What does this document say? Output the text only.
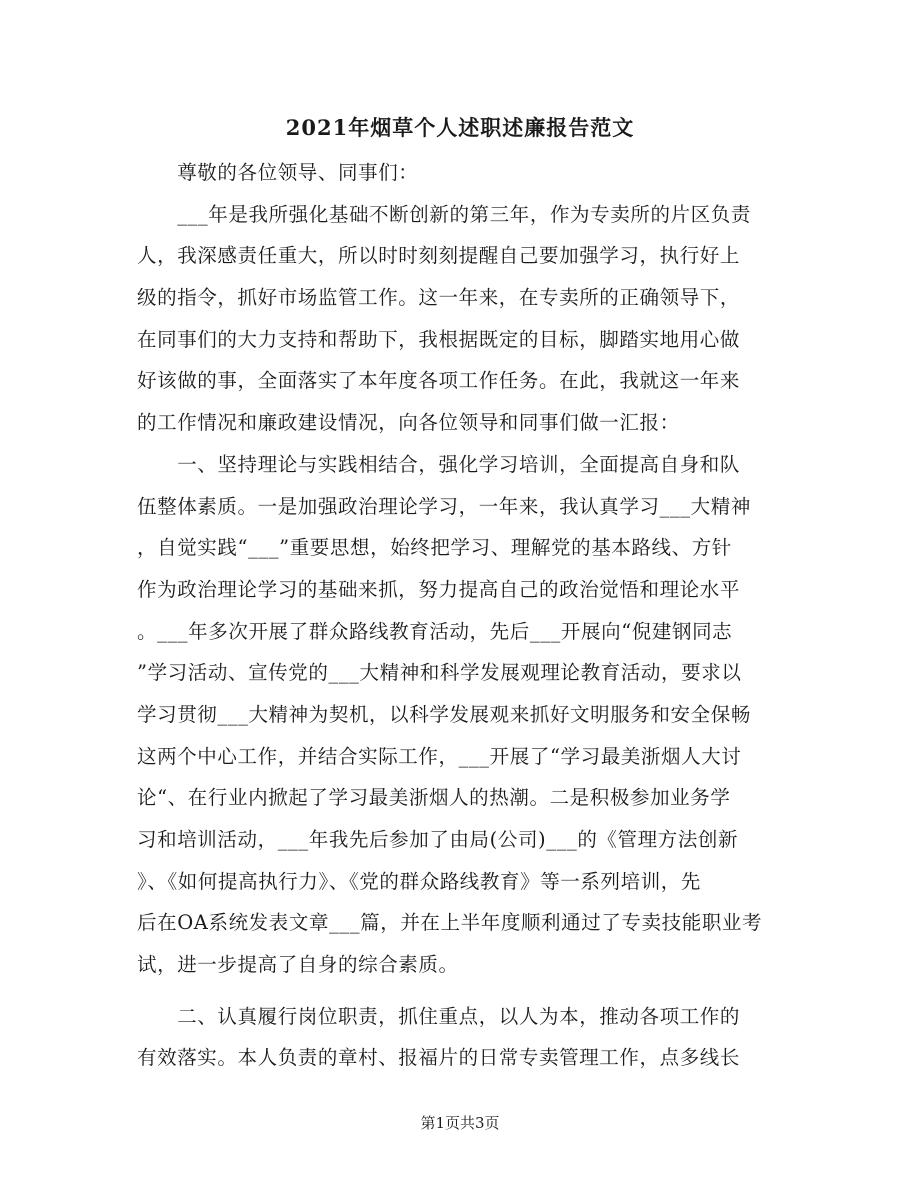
2021年烟草个人述职述廉报告范文
　　尊敬的各位领导、同事们：
　　___年是我所强化基础不断创新的第三年，作为专卖所的片区负责
人，我深感责任重大，所以时时刻刻提醒自己要加强学习，执行好上
级的指令，抓好市场监管工作。这一年来，在专卖所的正确领导下，
在同事们的大力支持和帮助下，我根据既定的目标，脚踏实地用心做
好该做的事，全面落实了本年度各项工作任务。在此，我就这一年来
的工作情况和廉政建设情况，向各位领导和同事们做一汇报：
　　一、坚持理论与实践相结合，强化学习培训，全面提高自身和队
伍整体素质。一是加强政治理论学习，一年来，我认真学习___大精神
，自觉实践“___”重要思想，始终把学习、理解党的基本路线、方针
作为政治理论学习的基础来抓，努力提高自己的政治觉悟和理论水平
。___年多次开展了群众路线教育活动，先后___开展向“倪建钢同志
”学习活动、宣传党的___大精神和科学发展观理论教育活动，要求以
学习贯彻___大精神为契机，以科学发展观来抓好文明服务和安全保畅
这两个中心工作，并结合实际工作，___开展了“学习最美浙烟人大讨
论“、在行业内掀起了学习最美浙烟人的热潮。二是积极参加业务学
习和培训活动，___年我先后参加了由局(公司)___的《管理方法创新
》、《如何提高执行力》、《党的群众路线教育》等一系列培训，先
后在OA系统发表文章___篇，并在上半年度顺利通过了专卖技能职业考
试，进一步提高了自身的综合素质。
　　二、认真履行岗位职责，抓住重点，以人为本，推动各项工作的
有效落实。本人负责的章村、报福片的日常专卖管理工作，点多线长
第1页共3页
